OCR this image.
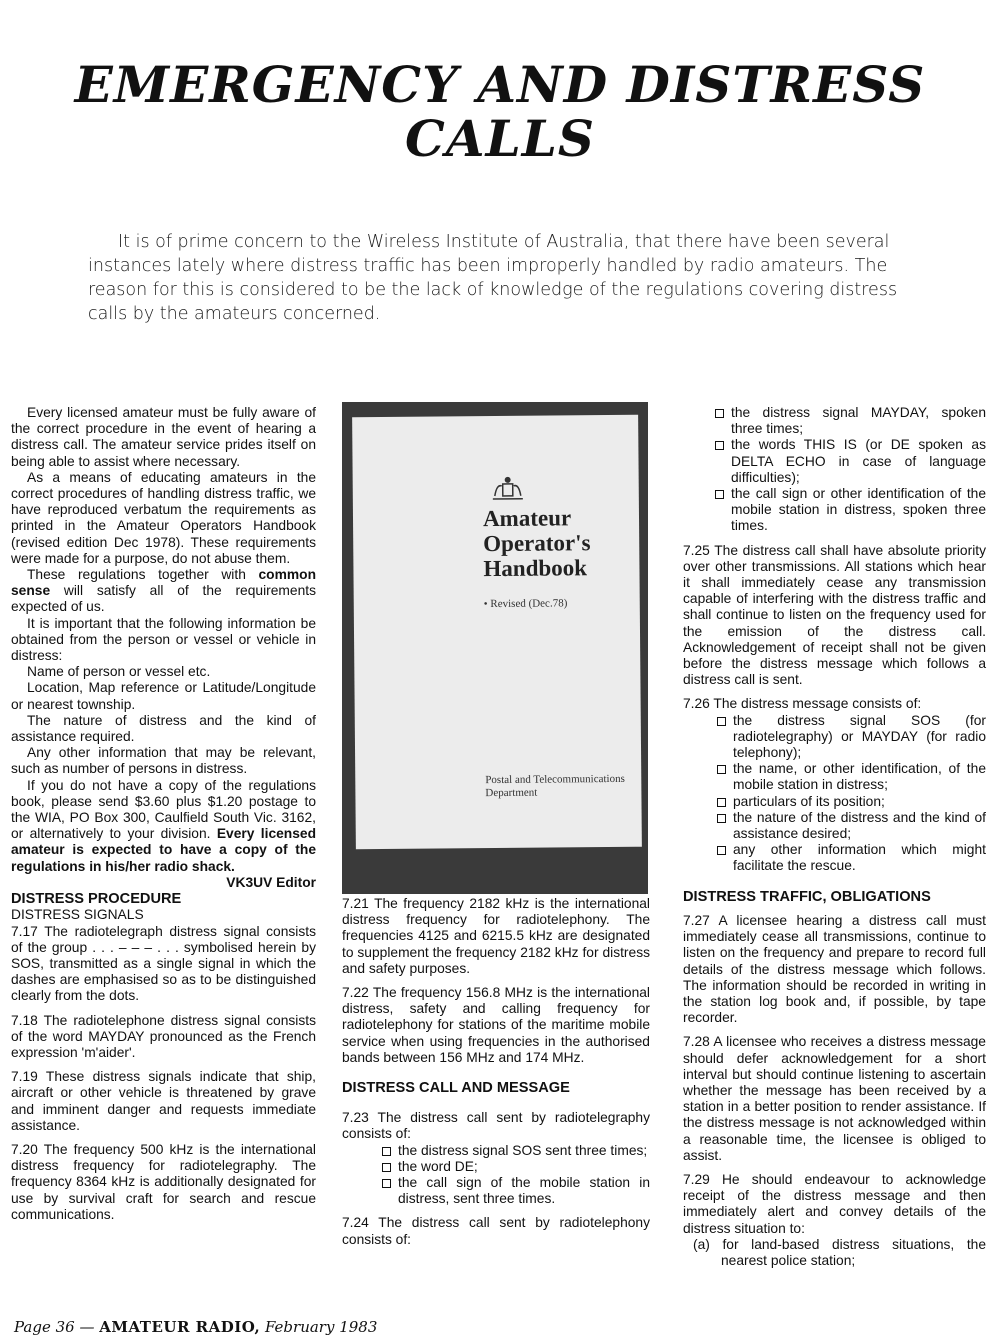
EMERGENCY AND DISTRESS CALLS

It is of prime concern to the Wireless Institute of Australia, that there have been several instances lately where distress traffic has been improperly handled by radio amateurs. The reason for this is considered to be the lack of knowledge of the regulations covering distress calls by the amateurs concerned.

Every licensed amateur must be fully aware of the correct procedure in the event of hearing a distress call. The amateur service prides itself on being able to assist where necessary.

As a means of educating amateurs in the correct procedures of handling distress traffic, we have reproduced verbatum the requirements as printed in the Amateur Operators Handbook (revised edition Dec 1978). These requirements were made for a purpose, do not abuse them.

These regulations together with common sense will satisfy all of the requirements expected of us.

It is important that the following information be obtained from the person or vessel or vehicle in distress:

Name of person or vessel etc.

Location, Map reference or Latitude/Longitude or nearest township.

The nature of distress and the kind of assistance required.

Any other information that may be relevant, such as number of persons in distress.

If you do not have a copy of the regulations book, please send $3.60 plus $1.20 postage to the WIA, PO Box 300, Caulfield South Vic. 3162, or alternatively to your division. Every licensed amateur is expected to have a copy of the regulations in his/her radio shack.

VK3UV Editor

DISTRESS PROCEDURE

DISTRESS SIGNALS

7.17 The radiotelegraph distress signal consists of the group . . . – – – . . . symbolised herein by SOS, transmitted as a single signal in which the dashes are emphasised so as to be distinguished clearly from the dots.

7.18 The radiotelephone distress signal consists of the word MAYDAY pronounced as the French expression 'm'aider'.

7.19 These distress signals indicate that ship, aircraft or other vehicle is threatened by grave and imminent danger and requests immediate assistance.

7.20 The frequency 500 kHz is the international distress frequency for radiotelegraphy. The frequency 8364 kHz is additionally designated for use by survival craft for search and rescue communications.

Amateur Operator's Handbook

• Revised (Dec.78)

Postal and Telecommunications Department

7.21 The frequency 2182 kHz is the international distress frequency for radiotelephony. The frequencies 4125 and 6215.5 kHz are designated to supplement the frequency 2182 kHz for distress and safety purposes.

7.22 The frequency 156.8 MHz is the international distress, safety and calling frequency for radiotelephony for stations of the maritime mobile service when using frequencies in the authorised bands between 156 MHz and 174 MHz.

DISTRESS CALL AND MESSAGE

7.23 The distress call sent by radiotelegraphy consists of:

the distress signal SOS sent three times;
the word DE;
the call sign of the mobile station in distress, sent three times.

7.24 The distress call sent by radiotelephony consists of:

the distress signal MAYDAY, spoken three times;
the words THIS IS (or DE spoken as DELTA ECHO in case of language difficulties);
the call sign or other identification of the mobile station in distress, spoken three times.

7.25 The distress call shall have absolute priority over other transmissions. All stations which hear it shall immediately cease any transmission capable of interfering with the distress traffic and shall continue to listen on the frequency used for the emission of the distress call. Acknowledgement of receipt shall not be given before the distress message which follows a distress call is sent.

7.26 The distress message consists of:

the distress signal SOS (for radiotelegraphy) or MAYDAY (for radio telephony);
the name, or other identification, of the mobile station in distress;
particulars of its position;
the nature of the distress and the kind of assistance desired;
any other information which might facilitate the rescue.

DISTRESS TRAFFIC, OBLIGATIONS

7.27 A licensee hearing a distress call must immediately cease all transmissions, continue to listen on the frequency and prepare to record full details of the distress message which follows. The information should be recorded in writing in the station log book and, if possible, by tape recorder.

7.28 A licensee who receives a distress message should defer acknowledgement for a short interval but should continue listening to ascertain whether the message has been received by a station in a better position to render assistance. If the distress message is not acknowledged within a reasonable time, the licensee is obliged to assist.

7.29 He should endeavour to acknowledge receipt of the distress message and then immediately alert and convey details of the distress situation to:

(a) for land-based distress situations, the nearest police station;

Page 36 — AMATEUR RADIO, February 1983
